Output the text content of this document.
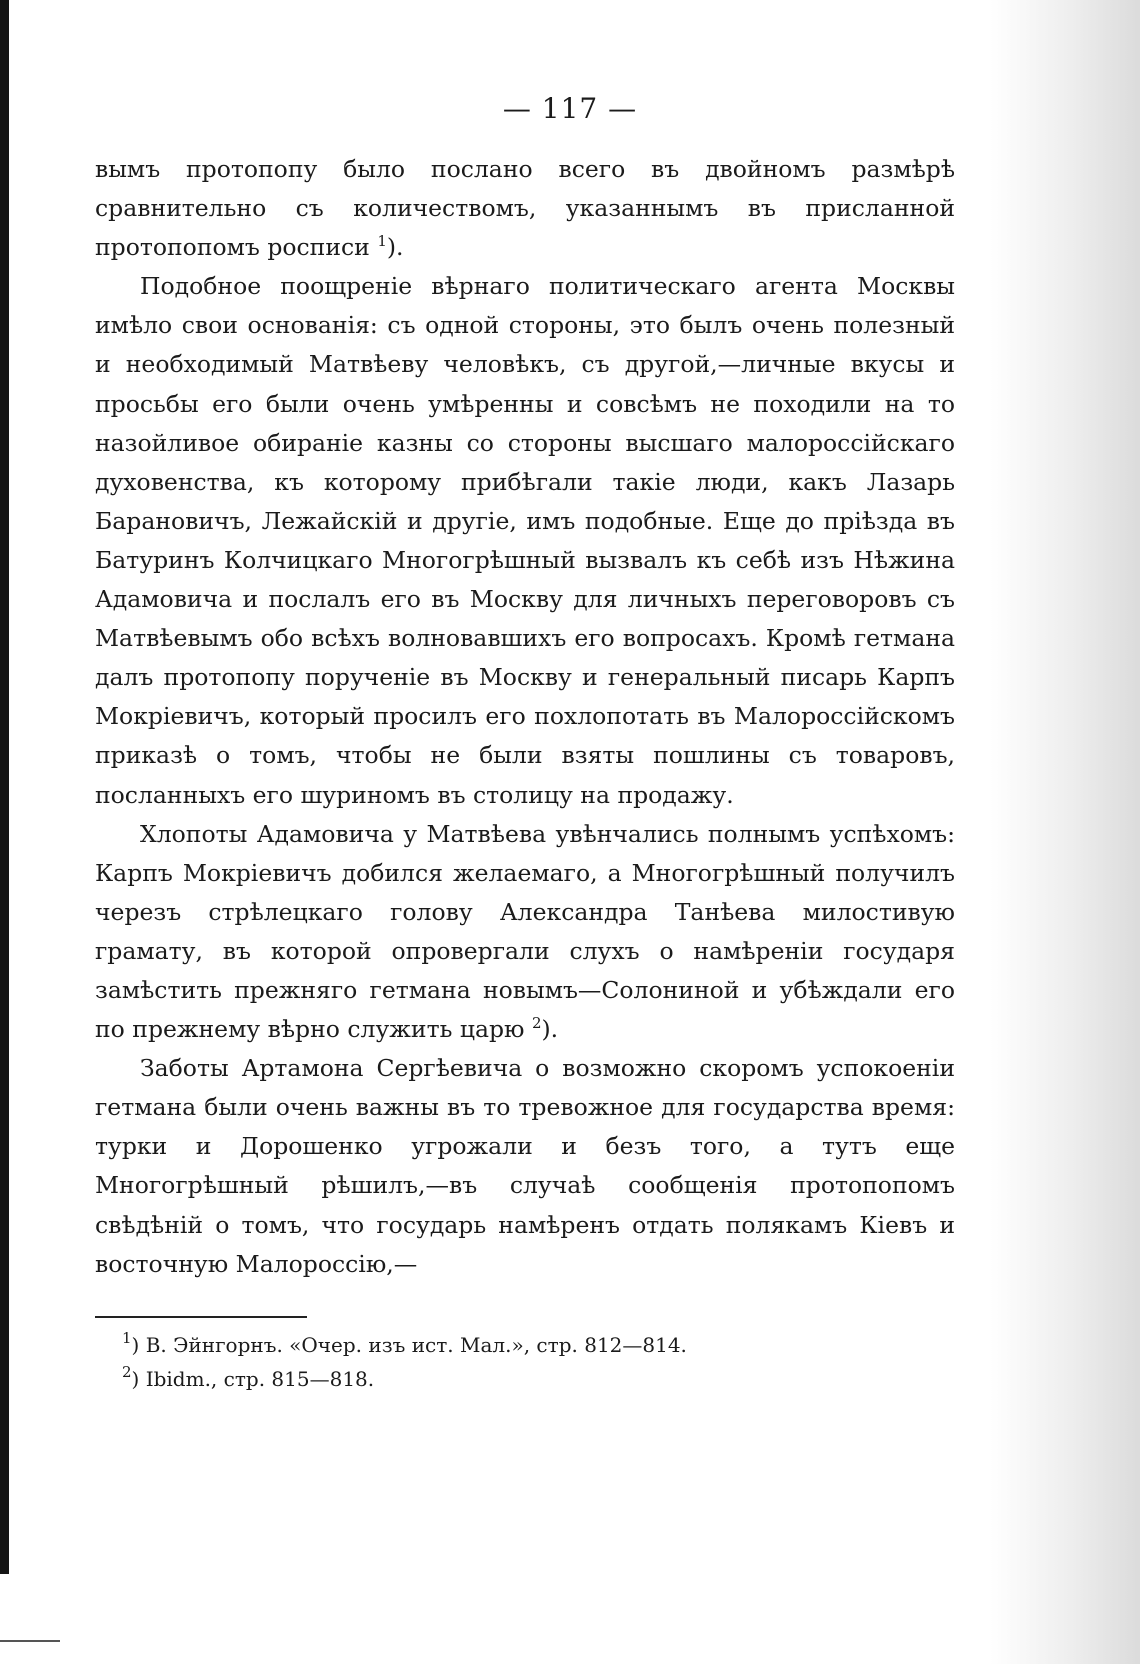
— 117 —

вымъ протопопу было послано всего въ двойномъ размѣрѣ сравнительно съ количествомъ, указаннымъ въ присланной протопопомъ росписи $^1$).

Подобное поощреніе вѣрнаго политическаго агента Москвы имѣло свои основанія: съ одной стороны, это былъ очень полезный и необходимый Матвѣеву человѣкъ, съ другой,—личные вкусы и просьбы его были очень умѣренны и совсѣмъ не походили на то назойливое обираніе казны со стороны высшаго малороссійскаго духовенства, къ которому прибѣгали такіе люди, какъ Лазарь Барановичъ, Лежайскій и другіе, имъ подобные. Еще до пріѣзда въ Батуринъ Колчицкаго Многогрѣшный вызвалъ къ себѣ изъ Нѣжина Адамовича и послалъ его въ Москву для личныхъ переговоровъ съ Матвѣевымъ обо всѣхъ волновавшихъ его вопросахъ. Кромѣ гетмана далъ протопопу порученіе въ Москву и генеральный писарь Карпъ Мокріевичъ, который просилъ его похлопотать въ Малороссійскомъ приказѣ о томъ, чтобы не были взяты пошлины съ товаровъ, посланныхъ его шуриномъ въ столицу на продажу.

Хлопоты Адамовича у Матвѣева увѣнчались полнымъ успѣхомъ: Карпъ Мокріевичъ добился желаемаго, а Многогрѣшный получилъ черезъ стрѣлецкаго голову Александра Танѣева милостивую грамату, въ которой опровергали слухъ о намѣреніи государя замѣстить прежняго гетмана новымъ—Солониной и убѣждали его по прежнему вѣрно служить царю $^2$).

Заботы Артамона Сергѣевича о возможно скоромъ успокоеніи гетмана были очень важны въ то тревожное для государства время: турки и Дорошенко угрожали и безъ того, а тутъ еще Многогрѣшный рѣшилъ,—въ случаѣ сообщенія протопопомъ свѣдѣній о томъ, что государь намѣренъ отдать полякамъ Кіевъ и восточную Малороссію,—

$^1$) В. Эйнгорнъ. «Очер. изъ ист. Мал.», стр. 812—814.
$^2$) Ibidm., стр. 815—818.
